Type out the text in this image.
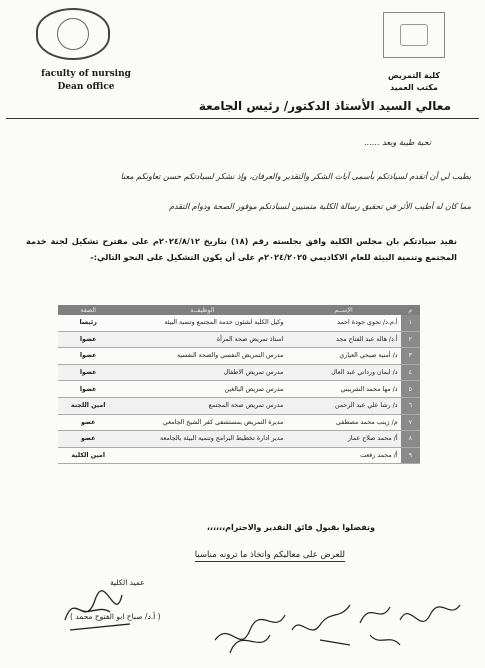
faculty of nursing
Dean office
كلية التمريض
مكتب العميد
معالي السيد الأستاذ الدكتور/ رئيس الجامعة
تحية طيبة وبعد ......
يطيب لي أن أتقدم لسيادتكم بأسمى آيات الشكر والتقدير والعرفان، وإذ نشكر لسيادتكم حسن تعاونكم معنا
مما كان له أطيب الأثر في تحقيق رسالة الكلية متمنيين لسيادتكم موفور الصحة ودوام التقدم
نفيد سيادتكم بان مجلس الكلية وافق بجلسته رقم (١٨) بتاريخ ٢٠٢٤/٨/١٢م على مقترح تشكيل لجنة خدمة المجتمع وتنمية البيئة للعام الاكاديمي ٢٠٢٤/٢٠٢٥م على أن يكون التشكيل على النحو التالي:-
م	الإســم	الوظيفــة	الصفة
١	أ.م.د/ نجوى جودة احمد	وكيل الكلية لشئون خدمة المجتمع وتنمية البيئة	رئيسا
٢	أ.د/ هالة عبد الفتاح مجد	استاذ تمريض صحة المرأة	عضوا
٣	د/ أمنية صبحي العياري	مدرس التمريض النفسي والصحة النفسية	عضوا
٤	د/ ايمان ورداني عبد العال	مدرس تمريض الاطفال	عضوا
٥	د/ مها محمد الشربيني	مدرس تمريض البالغين	عضوا
٦	د/ رشا علي عبد الرحمن	مدرس تمريض صحة المجتمع	امين اللجنة
٧	م/ زينب محمد مصطفى	مديرة التمريض بمستشفى كفر الشيخ الجامعي	عضو
٨	أ/ محمد صلاح عمار	مدير ادارة تخطيط البرامج وتنمية البيئة بالجامعة	عضو
٩	أ/ محمد رفعت		امين الكلية
وتفضلوا بقبول فائق التقدير والاحترام،،،،،،
للعرض على معاليكم واتخاذ ما ترونه مناسبا
عميد الكلية
( أ.د/ صباح ابو الفتوح محمد )
